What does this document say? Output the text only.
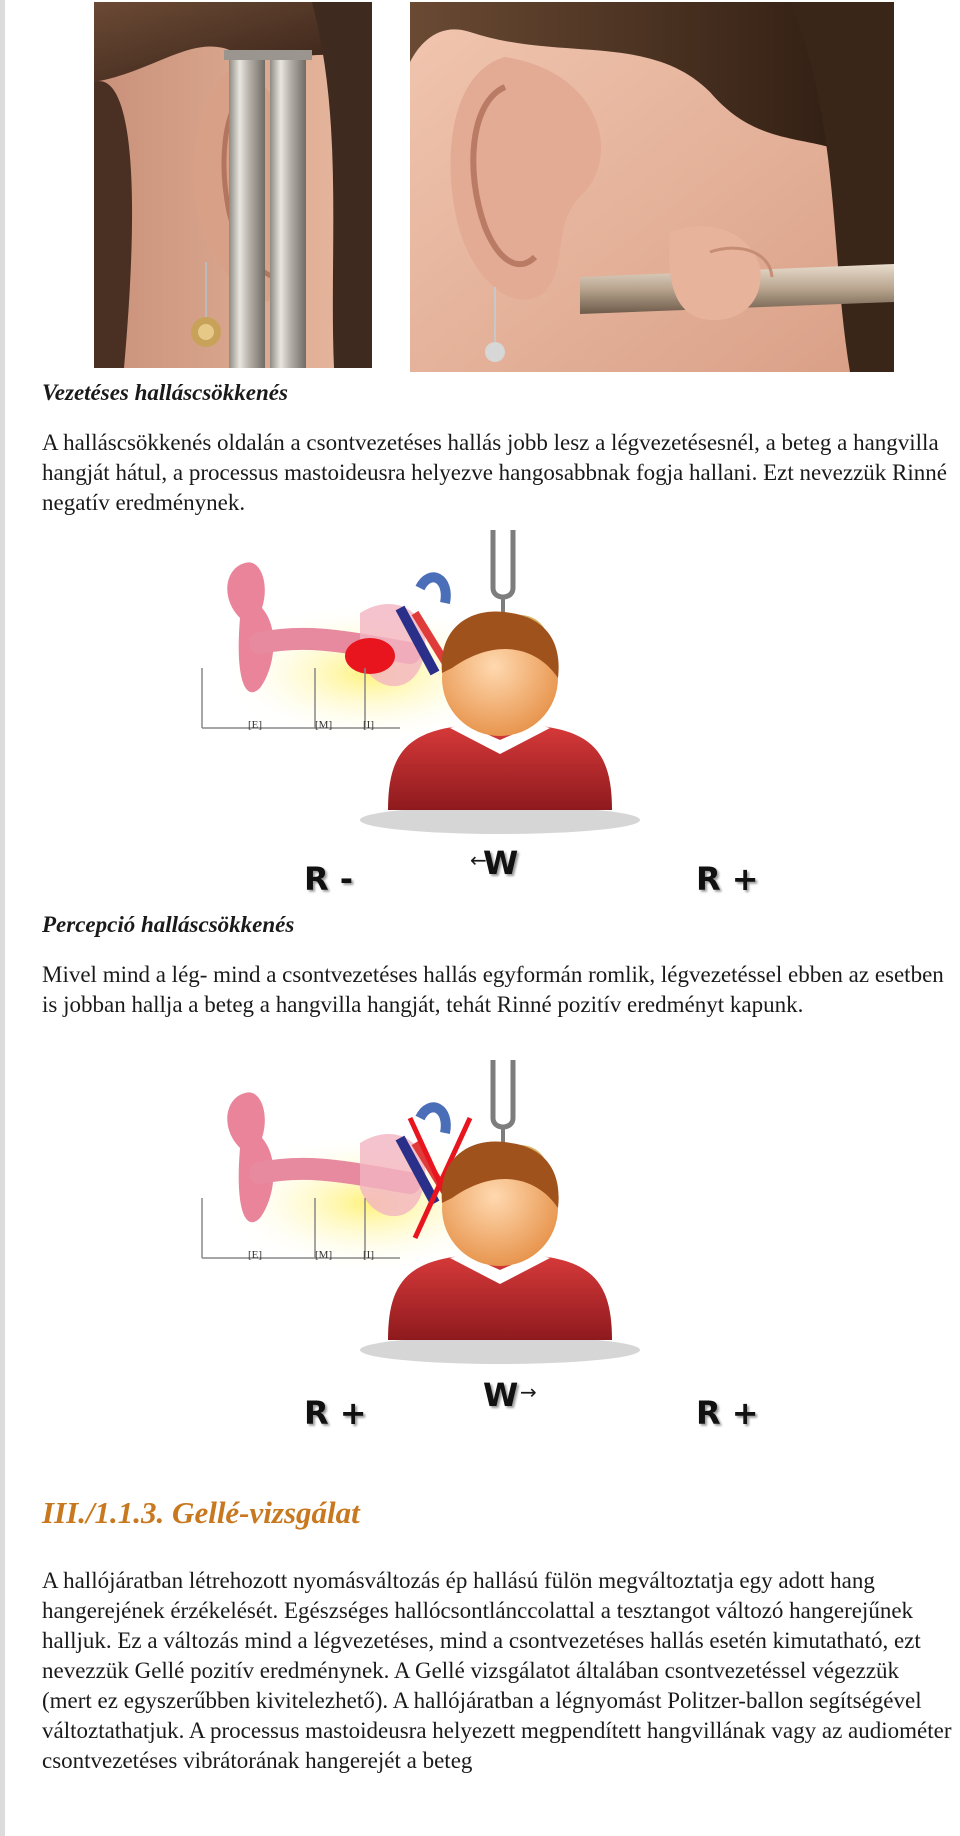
Vezetéses halláscsökkenés

A halláscsökkenés oldalán a csontvezetéses hallás jobb lesz a légvezetésesnél, a beteg a hangvilla hangját hátul, a processus mastoideusra helyezve hangosabbnak fogja hallani. Ezt nevezzük Rinné negatív eredménynek.

[E]	[M]	[I]
W
←
R -	R +

Percepció halláscsökkenés

Mivel mind a lég- mind a csontvezetéses hallás egyformán romlik, légvezetéssel ebben az esetben is jobban hallja a beteg a hangvilla hangját, tehát Rinné pozitív eredményt kapunk.

[E]	[M]	[I]
W →
R +	R +
III./1.1.3. Gellé-vizsgálat

A hallójáratban létrehozott nyomásváltozás ép hallású fülön megváltoztatja egy adott hang hangerejének érzékelését. Egészséges hallócsontlánccolattal a tesztangot változó hangerejűnek halljuk. Ez a változás mind a légvezetéses, mind a csontvezetéses hallás esetén kimutatható, ezt nevezzük Gellé pozitív eredménynek. A Gellé vizsgálatot általában csontvezetéssel végezzük (mert ez egyszerűbben kivitelezhető). A hallójáratban a légnyomást Politzer-ballon segítségével változtathatjuk. A processus mastoideusra helyezett megpendített hangvillának vagy az audiométer csontvezetéses vibrátorának hangerejét a beteg
